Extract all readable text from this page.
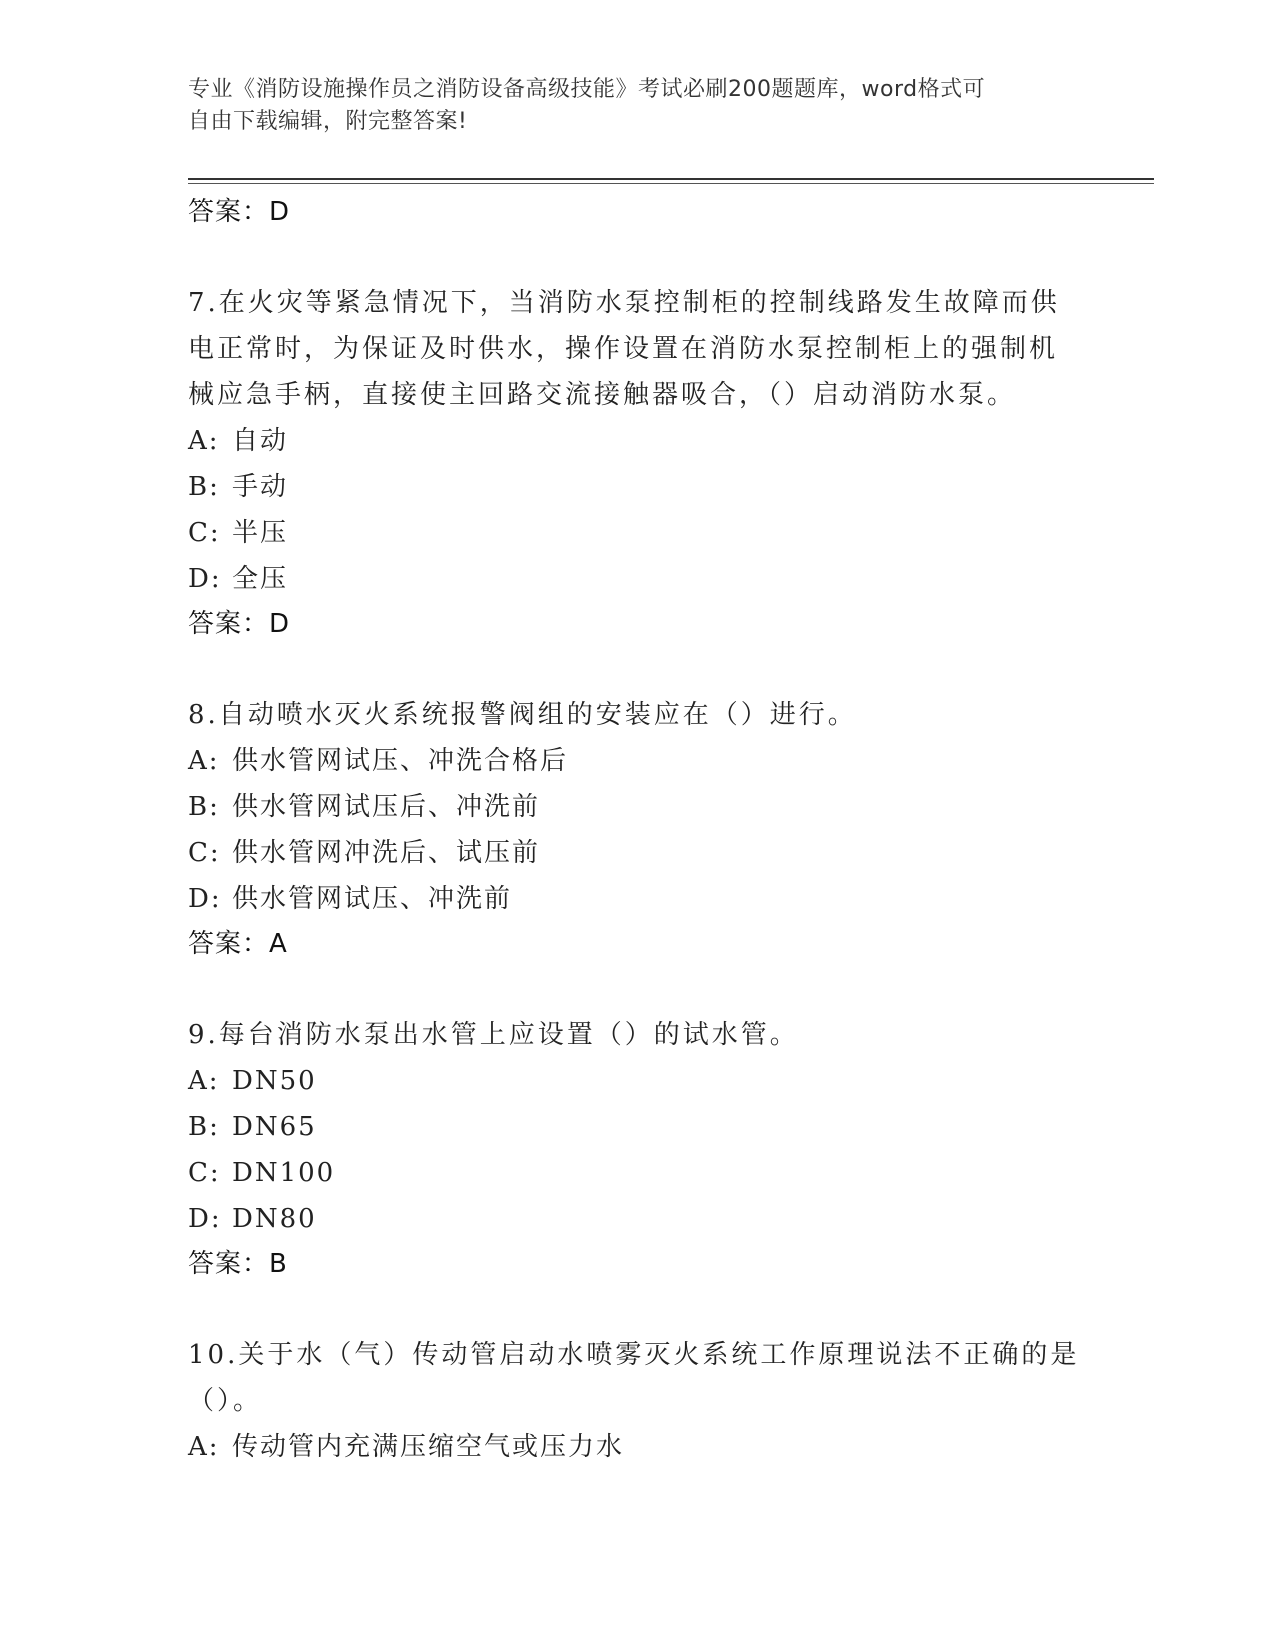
专业《消防设施操作员之消防设备高级技能》考试必刷200题题库，word格式可
自由下载编辑，附完整答案!
答案：D
7.在火灾等紧急情况下，当消防水泵控制柜的控制线路发生故障而供
电正常时，为保证及时供水，操作设置在消防水泵控制柜上的强制机
械应急手柄，直接使主回路交流接触器吸合，（）启动消防水泵。
A: 自动
B: 手动
C: 半压
D: 全压
答案：D
8.自动喷水灭火系统报警阀组的安装应在（）进行。
A: 供水管网试压、冲洗合格后
B: 供水管网试压后、冲洗前
C: 供水管网冲洗后、试压前
D: 供水管网试压、冲洗前
答案：A
9.每台消防水泵出水管上应设置（）的试水管。
A: DN50
B: DN65
C: DN100
D: DN80
答案：B
10.关于水（气）传动管启动水喷雾灭火系统工作原理说法不正确的是
（）。
A: 传动管内充满压缩空气或压力水
